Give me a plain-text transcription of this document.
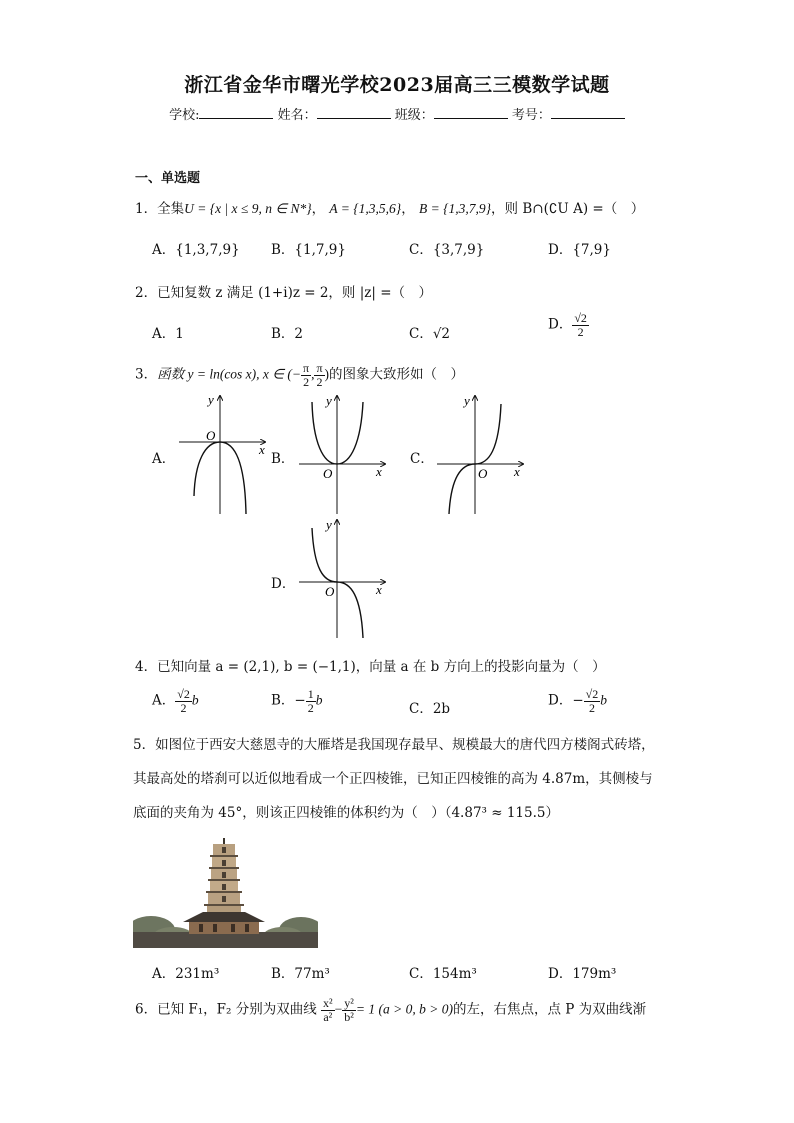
浙江省金华市曙光学校2023届高三三模数学试题
学校:	姓名：	班级：	考号：
一、单选题
1．全集U = {x | x ≤ 9, n ∈ N*}， A = {1,3,5,6}， B = {1,3,7,9}，则 B∩(∁U A) =（　）
A．{1,3,7,9} B．{1,7,9}	C．{3,7,9}	D．{7,9}
2．已知复数 z 满足 (1+i)z = 2，则 |z| =（　）
A．1	B．2	C．√2
D． $\frac{√2}{2}$
3．函数 y = ln(cos x), x ∈ (− $\frac{\pi}{2}$ , $\frac{\pi}{2}$ )的图象大致形如（　）
A．	B．	C．
D．
x
y
O
x
y
O	x
y
O
x
y
O
4．已知向量 a = (2,1), b = (−1,1)，向量 a 在 b 方向上的投影向量为（　）
A． $\frac{√2}{2}$ b	B．− $\frac{1}{2}$ b
C．2b
D．− $\frac{√2}{2}$ b
5．如图位于西安大慈恩寺的大雁塔是我国现存最早、规模最大的唐代四方楼阁式砖塔，
其最高处的塔刹可以近似地看成一个正四棱锥，已知正四棱锥的高为 4.87m，其侧棱与
底面的夹角为 45°，则该正四棱锥的体积约为（　）（4.87³ ≈ 115.5）
A．231m³	B．77m³	C．154m³	D．179m³
6．已知 F₁，F₂ 分别为双曲线 $\frac{\text{x²}}{\text{a²}} - \frac{\text{y²}}{\text{b²}} = 1$ (a > 0, b > 0)的左，右焦点，点 P 为双曲线渐
